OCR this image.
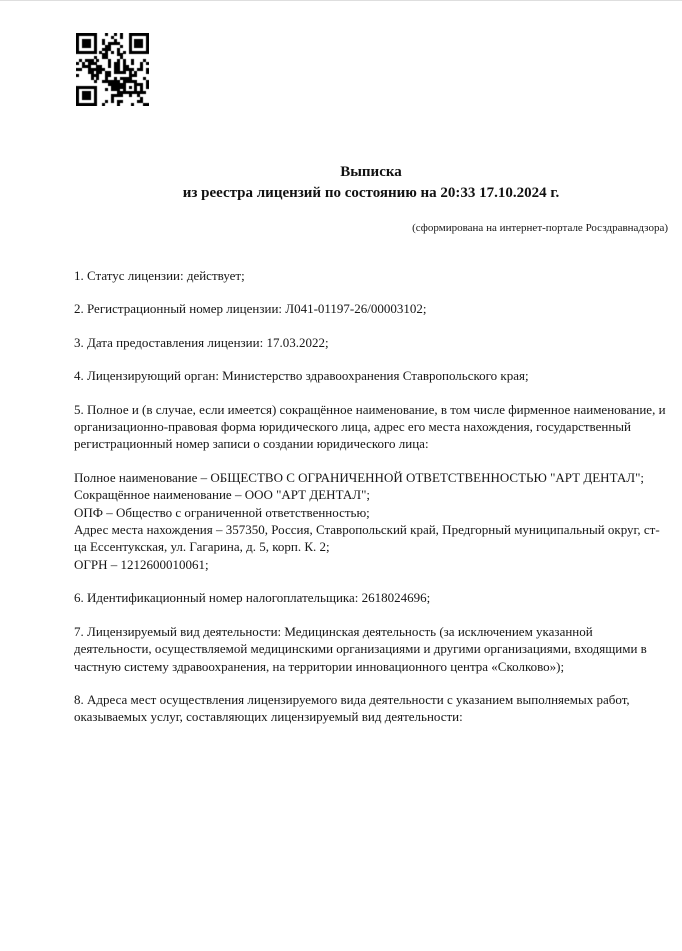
Выписка
из реестра лицензий по состоянию на 20:33 17.10.2024 г.
(сформирована на интернет-портале Росздравнадзора)

1. Статус лицензии: действует;

2. Регистрационный номер лицензии: Л041-01197-26/00003102;

3. Дата предоставления лицензии: 17.03.2022;

4. Лицензирующий орган: Министерство здравоохранения Ставропольского края;

5. Полное и (в случае, если имеется) сокращённое наименование, в том числе фирменное наименование, и организационно-правовая форма юридического лица, адрес его места нахождения, государственный регистрационный номер записи о создании юридического лица:

Полное наименование – ОБЩЕСТВО С ОГРАНИЧЕННОЙ ОТВЕТСТВЕННОСТЬЮ "АРТ ДЕНТАЛ";
Сокращённое наименование – ООО "АРТ ДЕНТАЛ";
ОПФ – Общество с ограниченной ответственностью;
Адрес места нахождения – 357350, Россия, Ставропольский край, Предгорный муниципальный округ, ст-ца Ессентукская, ул. Гагарина, д. 5, корп. К. 2;
ОГРН – 1212600010061;

6. Идентификационный номер налогоплательщика: 2618024696;

7. Лицензируемый вид деятельности: Медицинская деятельность (за исключением указанной деятельности, осуществляемой медицинскими организациями и другими организациями, входящими в частную систему здравоохранения, на территории инновационного центра «Сколково»);

8. Адреса мест осуществления лицензируемого вида деятельности с указанием выполняемых работ, оказываемых услуг, составляющих лицензируемый вид деятельности:
